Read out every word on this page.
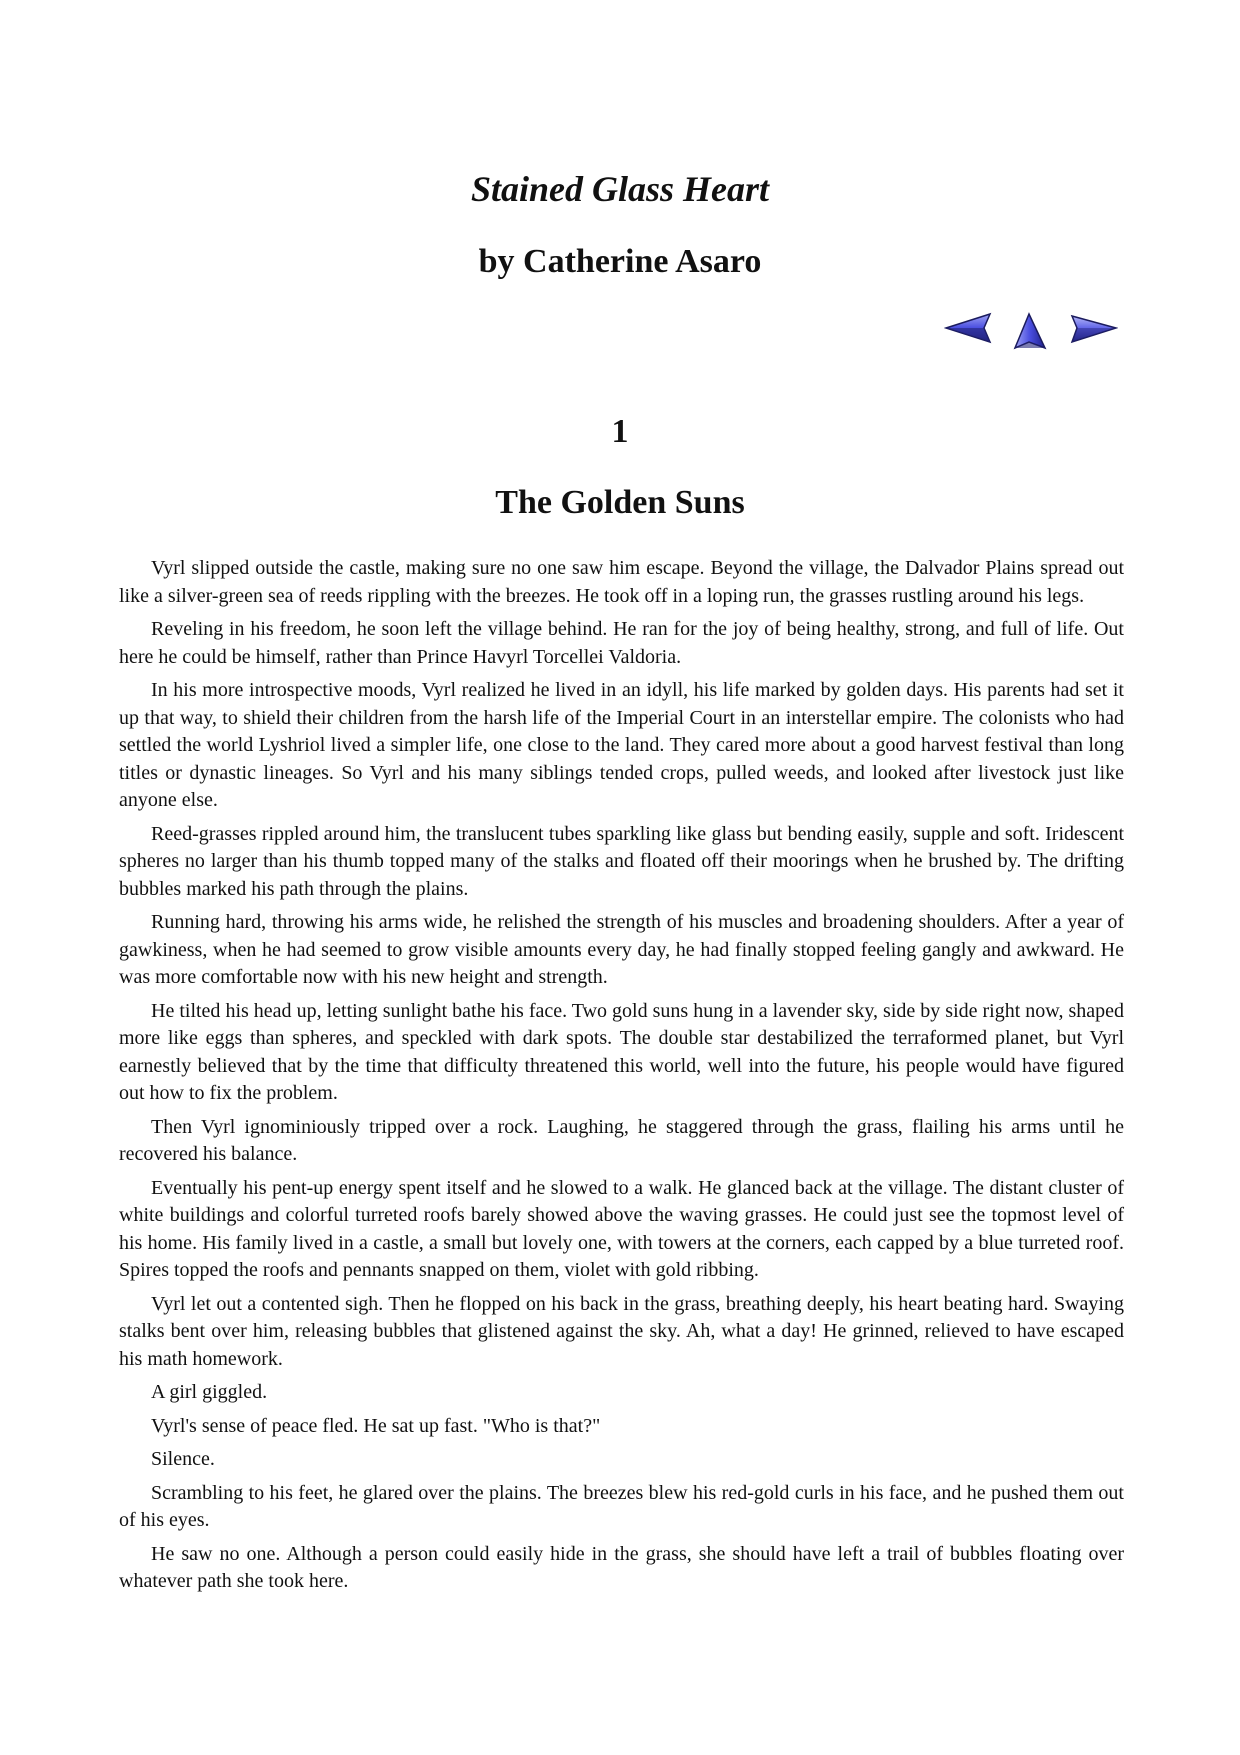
Stained Glass Heart
by Catherine Asaro
1
The Golden Suns

Vyrl slipped outside the castle, making sure no one saw him escape. Beyond the village, the Dalvador Plains spread out like a silver-green sea of reeds rippling with the breezes. He took off in a loping run, the grasses rustling around his legs.

Reveling in his freedom, he soon left the village behind. He ran for the joy of being healthy, strong, and full of life. Out here he could be himself, rather than Prince Havyrl Torcellei Valdoria.

In his more introspective moods, Vyrl realized he lived in an idyll, his life marked by golden days. His parents had set it up that way, to shield their children from the harsh life of the Imperial Court in an interstellar empire. The colonists who had settled the world Lyshriol lived a simpler life, one close to the land. They cared more about a good harvest festival than long titles or dynastic lineages. So Vyrl and his many siblings tended crops, pulled weeds, and looked after livestock just like anyone else.

Reed-grasses rippled around him, the translucent tubes sparkling like glass but bending easily, supple and soft. Iridescent spheres no larger than his thumb topped many of the stalks and floated off their moorings when he brushed by. The drifting bubbles marked his path through the plains.

Running hard, throwing his arms wide, he relished the strength of his muscles and broadening shoulders. After a year of gawkiness, when he had seemed to grow visible amounts every day, he had finally stopped feeling gangly and awkward. He was more comfortable now with his new height and strength.

He tilted his head up, letting sunlight bathe his face. Two gold suns hung in a lavender sky, side by side right now, shaped more like eggs than spheres, and speckled with dark spots. The double star destabilized the terraformed planet, but Vyrl earnestly believed that by the time that difficulty threatened this world, well into the future, his people would have figured out how to fix the problem.

Then Vyrl ignominiously tripped over a rock. Laughing, he staggered through the grass, flailing his arms until he recovered his balance.

Eventually his pent-up energy spent itself and he slowed to a walk. He glanced back at the village. The distant cluster of white buildings and colorful turreted roofs barely showed above the waving grasses. He could just see the topmost level of his home. His family lived in a castle, a small but lovely one, with towers at the corners, each capped by a blue turreted roof. Spires topped the roofs and pennants snapped on them, violet with gold ribbing.

Vyrl let out a contented sigh. Then he flopped on his back in the grass, breathing deeply, his heart beating hard. Swaying stalks bent over him, releasing bubbles that glistened against the sky. Ah, what a day! He grinned, relieved to have escaped his math homework.

A girl giggled.

Vyrl's sense of peace fled. He sat up fast. "Who is that?"

Silence.

Scrambling to his feet, he glared over the plains. The breezes blew his red-gold curls in his face, and he pushed them out of his eyes.

He saw no one. Although a person could easily hide in the grass, she should have left a trail of bubbles floating over whatever path she took here.
